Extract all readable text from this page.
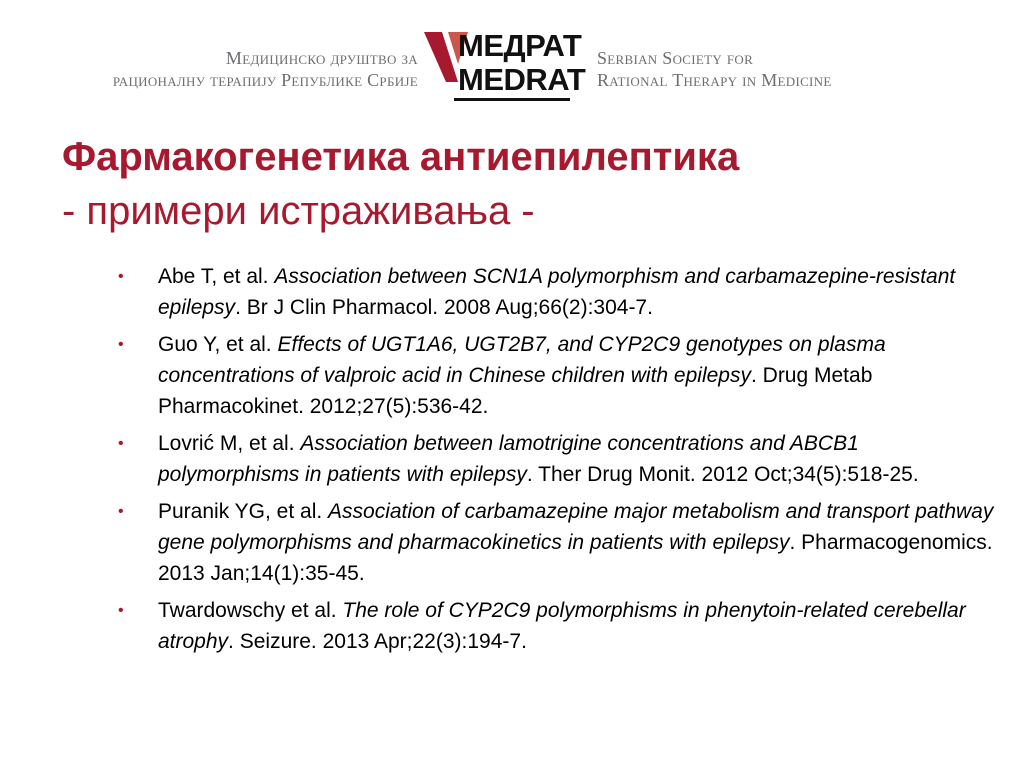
Медицинско друштво за
рационалну терапију Републике Србије
МЕДРАТ
MEDRAT
Serbian Society for
Rational Therapy in Medicine
Фармакогенетика антиепилептика
- примери истраживања -
• Abe T, et al. Association between SCN1A polymorphism and carbamazepine-resistant epilepsy. Br J Clin Pharmacol. 2008 Aug;66(2):304-7.
• Guo Y, et al. Effects of UGT1A6, UGT2B7, and CYP2C9 genotypes on plasma concentrations of valproic acid in Chinese children with epilepsy. Drug Metab Pharmacokinet. 2012;27(5):536-42.
• Lovrić M, et al. Association between lamotrigine concentrations and ABCB1 polymorphisms in patients with epilepsy. Ther Drug Monit. 2012 Oct;34(5):518-25.
• Puranik YG, et al. Association of carbamazepine major metabolism and transport pathway gene polymorphisms and pharmacokinetics in patients with epilepsy. Pharmacogenomics. 2013 Jan;14(1):35-45.
• Twardowschy et al. The role of CYP2C9 polymorphisms in phenytoin-related cerebellar atrophy. Seizure. 2013 Apr;22(3):194-7.
